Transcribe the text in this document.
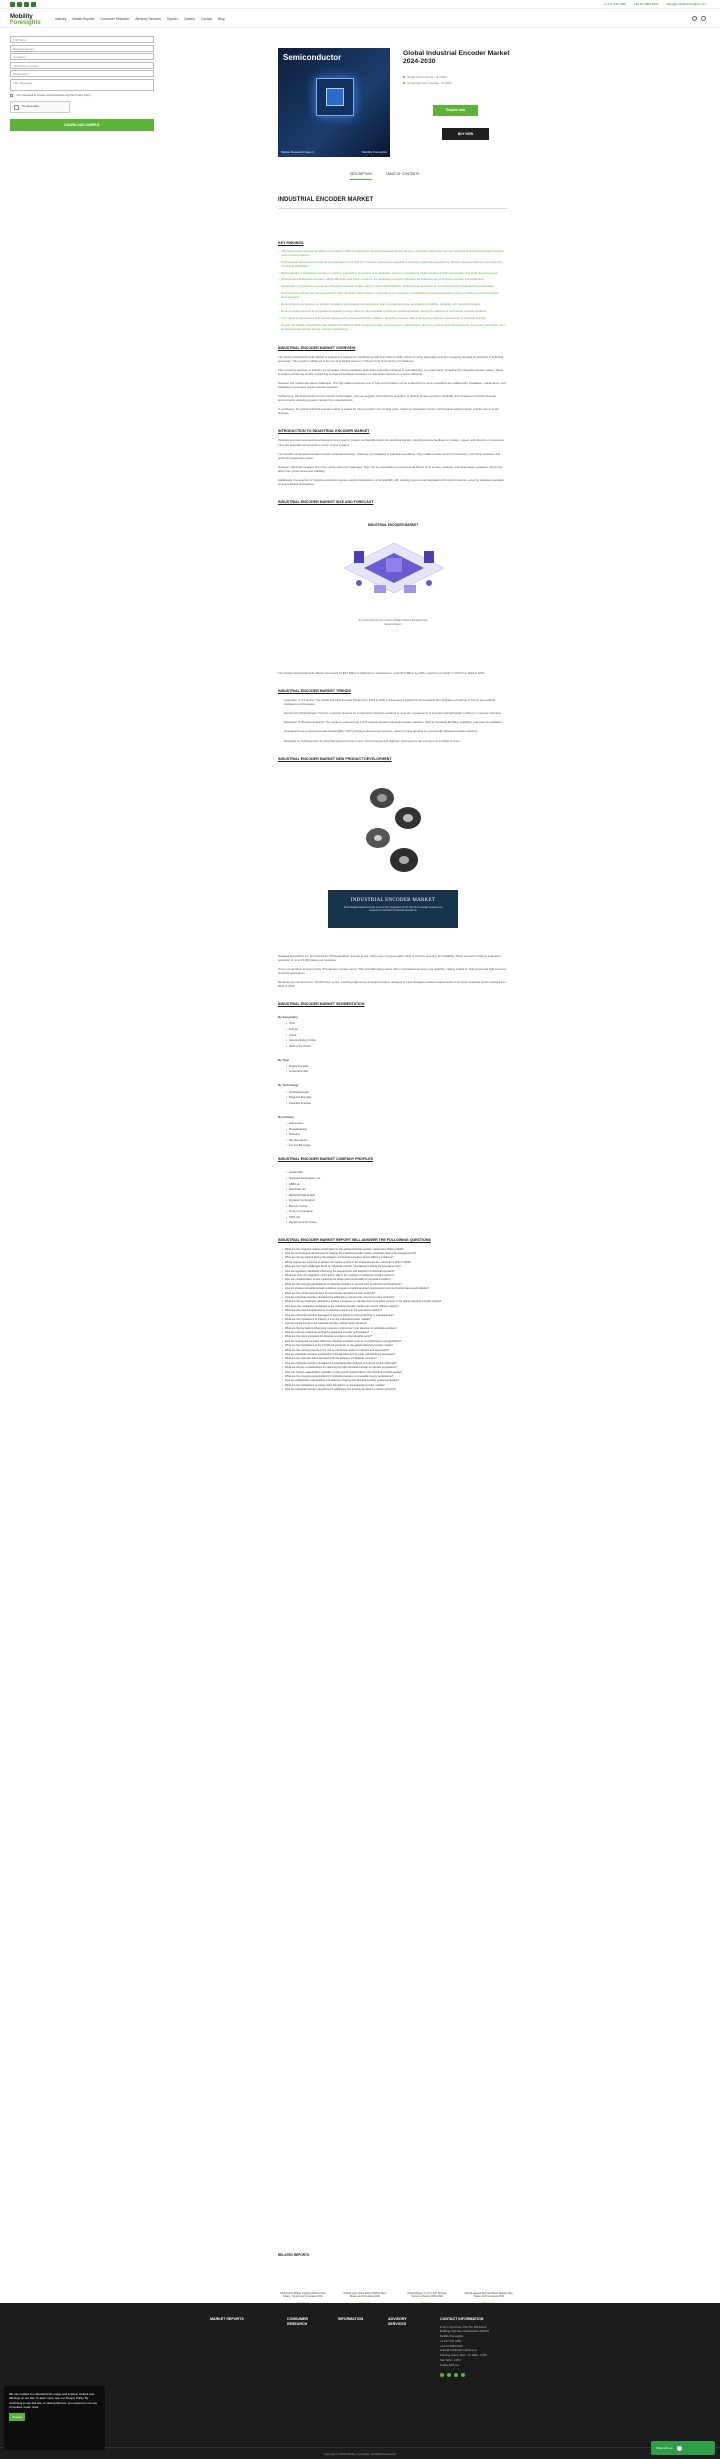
+1 217 636 3356	+44 20 3289 9440	sales@mobilityforesights.com
Mobility
Foresights
Industry Market Reports Consumer Research Advisory Services Tippmix Careers Contact Blog
Full Name
Business Email
Company
+44 Phone Number
Designation
Your Message
I am interested to receive communications and the Privacy Policy
I'm not a robot
DOWNLOAD SAMPLE
Semiconductor
Market Research Report	Mobility Foresights
Global Industrial Encoder Market 2024-2030
Single User License - $ 3,800
Corporate User License - $ 4,800
Enquire now
BUY NOW
DESCRIPTION	TABLE OF CONTENTS
INDUSTRIAL ENCODER MARKET
KEY FINDINGS
• The Global Industrial Encoder Market from 2024 to 2030 is projected to witness substantial growth, driven by increasing automation across industries and demand for high-precision motion control systems.
• Technological advancements such as the integration of IoT and AI in encoder systems are expected to transform industrial operations by offering enhanced efficiency and real-time monitoring capabilities.
• Rising adoption of industrial encoders in robotics, automotive, aerospace, and healthcare sectors is expected to create lucrative growth opportunities during the forecast period.
• Incremental and absolute encoders, along with rotary and linear encoders, are witnessing a surge in demand, as industries aim to improve precision and productivity.
• Asia-Pacific is projected to emerge as a dominant regional market, owing to rapid industrialization, infrastructure development, and investments in manufacturing automation.
• North America and Europe are anticipated to hold significant market shares, supported by the presence of established industrial automation solution providers and technological advancements.
• Market players are focusing on product innovation and strategic partnerships to gain a competitive edge, emphasizing reliability, durability, and cost-effectiveness.
• Environmental concerns and regulations regarding energy efficiency are expected to influence market dynamics, driving the adoption of eco-friendly encoder solutions.
• The market is witnessing a shift towards wireless and networked encoder solutions, facilitating real-time data sharing and predictive maintenance in industrial settings.
• Overall, the Global Industrial Encoder Market from 2024 to 2030 presents lucrative opportunities for stakeholders, driven by technological advancements, increasing automation, and growing demand across diverse industrial applications.
INDUSTRIAL ENCODER MARKET OVERVIEW

The Global Industrial Encoder Market is expected to experience significant growth from 2024 to 2030, driven by rising automation and the increasing demand for precision in industrial processes. This growth is attributed to the rise of Industrial Internet of Things (IIoT) and Industry 4.0 initiatives.

The increasing adoption of Industry 4.0 principles, which emphasize automation and data exchange in manufacturing, is a major factor propelling the industrial encoder market. These encoders provide the precise positioning and speed feedback necessary for automated systems to function efficiently.

However, the market also faces challenges. The high initial investment cost of high-end encoders can be a deterrent for some manufacturers. Additionally, installation, maintenance, and calibration of encoders require specific expertise.

Furthermore, the development of new encoder technologies, such as magnetic and multi-turn encoders, is offering greater accuracy, durability, and resistance to harsh industrial environments, attracting greater interest from manufacturers.

In conclusion, the global industrial encoder market is poised for robust growth in the coming years, driven by automation trends, technological advancements, and the rise of smart factories.

INTRODUCTION TO INDUSTRIAL ENCODER MARKET

Industrial encoders are electromechanical devices used to convert mechanical motion into electrical signals, providing precise feedback on position, speed, and direction of movement. They are essential components in motion control systems.

The benefits of industrial encoders include enhanced accuracy, efficiency, and reliability in industrial operations. They enable precise control of machinery, minimizing downtime and optimizing production output.

However, industrial encoders also pose certain risks and challenges. They can be susceptible to environmental factors such as dust, moisture, and temperature variations, which may affect their performance and reliability.

Additionally, the selection of industrial encoders requires careful consideration of compatibility with existing systems and integration with control networks, ensuring seamless operation across industrial applications.

INDUSTRIAL ENCODER MARKET SIZE AND FORECAST
INDUSTRIAL ENCODER MARKET
To understand the key trends of Major Players Request Free Sample Report

The Global Industrial Encoder Market accounted for $XX Billion in 2023 and is anticipated to reach $XX Billion by 2030, registering a CAGR of XX% from 2024 to 2030.

INDUSTRIAL ENCODER MARKET TRENDS
Integration of IoT and AI: The Global Industrial Encoder Market from 2024 to 2030 is witnessing a significant trend towards the integration of Internet of Things and artificial intelligence technologies.
Demand for Miniaturization: There's a growing demand for miniaturized industrial encoders to meet the requirements of compact and lightweight machinery in various industries.
Expansion of Wireless Solutions: The market is experiencing a shift towards wireless industrial encoder solutions, offering increased flexibility, scalability, and ease of installation.
Increased Focus on Environmental Sustainability: With growing environmental concerns, there's a rising demand for eco-friendly industrial encoder solutions.
Emphasis on Cybersecurity: As industrial systems become more interconnected and digitized, cybersecurity has emerged as a critical concern.
INDUSTRIAL ENCODER MARKET NEW PRODUCT DEVELOPMENT
INDUSTRIAL ENCODER MARKET
Technological advancements such as the integration of IoT and AI in encoder systems are expected to transform industrial operations

Rockwell Automation Inc. announced the "PhotoelecPlus" encoder series, which uses next-generation chips to improve accuracy and reliability. These encoders boast an impressive resolution of up to 16,000 pulses per revolution.

Omron Corporation announced the "ProxSense" encoder series. This groundbreaking series offers unparalleled accuracy and reliability, making it ideal for high-speed and high-precision industrial applications.

Renishaw plc introduced the "UltraPrecise" series, a cutting-edge lineup of smart encoders designed to meet stringent precision requirements of the latest industrial robots released from 2024 to 2030.

INDUSTRIAL ENCODER MARKET SEGMENTATION
By Geography
• USA
• Europe
• China
• Asia Excluding China
• Rest of the World
By Type
• Rotary Encoder
• Linear Encoder
By Technology
• Optical Encoder
• Magnetic Encoder
• Inductive Encoder
By Industry
• Automotive
• Manufacturing
• Robotics
• Semiconductor
• Food & Beverage
INDUSTRIAL ENCODER MARKET COMPANY PROFILES
• Heidenhain
• Rockwell Automation, Inc.
• ABB Ltd.
• Renishaw plc
• HENGSTLER GmbH
• Dynapar Corporation
• Baumer Group
• Omron Corporation
• SICK AG
• Pepperl+Fuchs Group
INDUSTRIAL ENCODER MARKET REPORT WILL ANSWER THE FOLLOWING QUESTIONS
• What are the projected market growth rates for the global industrial encoder market from 2024 to 2030?
• How are technological advancements shaping the industrial encoder market landscape during the forecast period?
• What are the key factors driving the adoption of industrial encoders across different industries?
• Which regions are expected to witness the highest growth in the industrial encoder market from 2024 to 2030?
• What are the major challenges faced by industrial encoder manufacturers during the forecast period?
• How are regulatory standards influencing the development and adoption of industrial encoders?
• What role does the integration of IoT and AI play in the evolution of industrial encoder systems?
• How are miniaturization trends impacting the design and functionality of industrial encoders?
• What are the emerging applications of industrial encoders in sectors such as robotics and healthcare?
• How do wireless industrial encoder solutions compare to traditional wired counterparts in terms of performance and reliability?
• What are the market opportunities for eco-friendly industrial encoder products?
• How are industrial encoder manufacturers addressing cybersecurity concerns in their products?
• What are the key strategies adopted by leading companies to maintain their competitive position in the global industrial encoder market?
• How does the competitive landscape of the industrial encoder market vary across different regions?
• What are the potential applications of industrial encoders in the automotive industry?
• How are industrial encoders leveraged to improve efficiency and productivity in manufacturing?
• What are the implications of Industry 4.0 on the industrial encoder market?
• How do pricing trends in the industrial encoder market impact demand?
• What are the key factors influencing customer preferences in the selection of industrial encoders?
• How are end-user industries embracing advanced encoder technologies?
• What are the future prospects for absolute encoders in the industrial sector?
• How do incremental encoders differ from absolute encoders in terms of performance and application?
• What are the implications of the COVID-19 pandemic on the global industrial encoder market?
• What are the emerging trends in the use of industrial encoders in robotics and automation?
• How are industrial encoders contributing to the development of smart manufacturing processes?
• What are the potential risks associated with the adoption of industrial encoders?
• How are industrial encoder manufacturers leveraging data analytics to improve product offerings?
• What are the key considerations for selecting the right industrial encoder for specific applications?
• How can industry stakeholders capitalize on the growth opportunities in the industrial encoder market?
• What are the emerging opportunities for industrial encoders in renewable energy applications?
• How are collaborative partnerships and alliances shaping the industrial encoder market landscape?
• What are the implications of supply chain disruptions on the industrial encoder market?
• How are industrial encoder manufacturers adapting to the growing demand for custom solutions?
RELATED REPORTS
Global Gas Bridge Lighting Market Size, Share, Trends and Forecasts 2031
Global Gear Drive Motor Market Size, Share and Forecasts 2031
Global Battery Li-ion Light Storage Systems Market 2024-2030
Global Heated Bed and Beds Market Size, Share and Forecasts 2031
MARKET REPORTS	CONSUMER RESEARCH
INFORMATION	ADVISORY SERVICES
CONTACT INFORMATION
# 11-1, First Floor, Plot No. 8/8 Ashok
Building, Mumbai, Maharashtra 400004
Mobility Foresights
+1 217 636 3356
+44 20 3289 9440
sales@mobilityforesights.com
Working Hours: Mon - Fri 9AM - 6 PM
Sat: 9AM - 2 PM
Follow With Us
Copyright © 2024 Mobility Foresights. All Rights Reserved.
We use cookies to understand the usage and improve content and offerings on our site. To learn more, see our Privacy Policy. By continuing to use this site, or closing this box, you consent to our use of cookies. Learn more
Accept
Chat with us
